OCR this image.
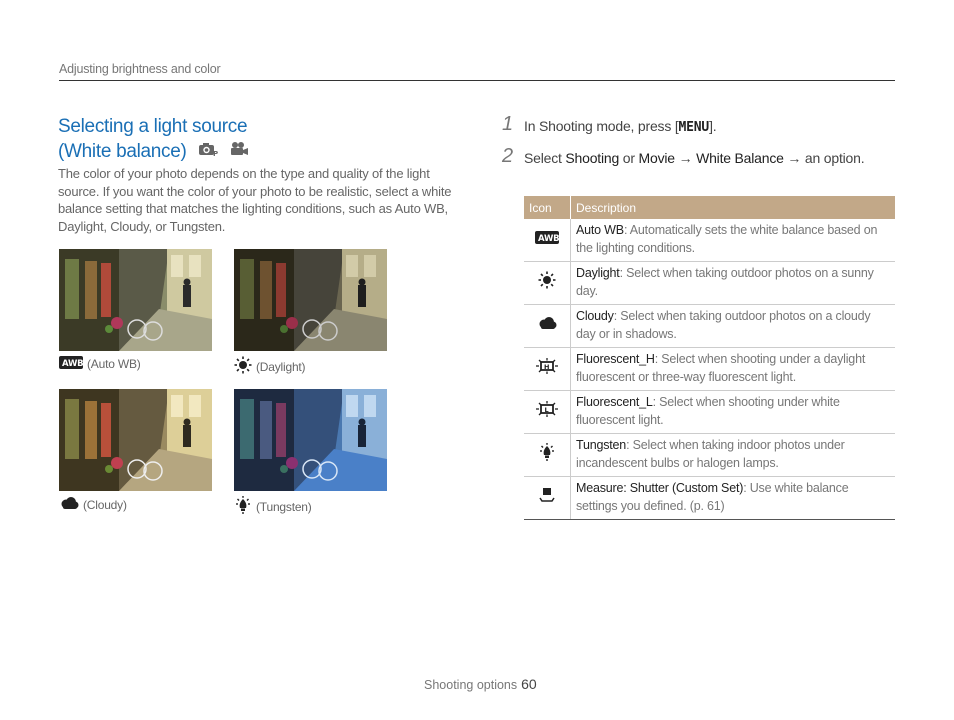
Adjusting brightness and color
Selecting a light source
(White balance)	P

The color of your photo depends on the type and quality of the light source. If you want the color of your photo to be realistic, select a white balance setting that matches the lighting conditions, such as Auto WB, Daylight, Cloudy, or Tungsten.
AWB (Auto WB)	(Daylight)
(Cloudy)	(Tungsten)
1 In Shooting mode, press [MENU].
2 Select Shooting or Movie → White Balance → an option.
Icon	Description

AWB	Auto WB: Automatically sets the white balance based on the lighting conditions.
	Daylight: Select when taking outdoor photos on a sunny day.
	Cloudy: Select when taking outdoor photos on a cloudy day or in shadows.

H	Fluorescent_H: Select when shooting under a daylight fluorescent or three-way fluorescent light.

L	Fluorescent_L: Select when shooting under white fluorescent light.
	Tungsten: Select when taking indoor photos under incandescent bulbs or halogen lamps.
	Measure: Shutter (Custom Set): Use white balance settings you defined. (p. 61)
Shooting options 60
